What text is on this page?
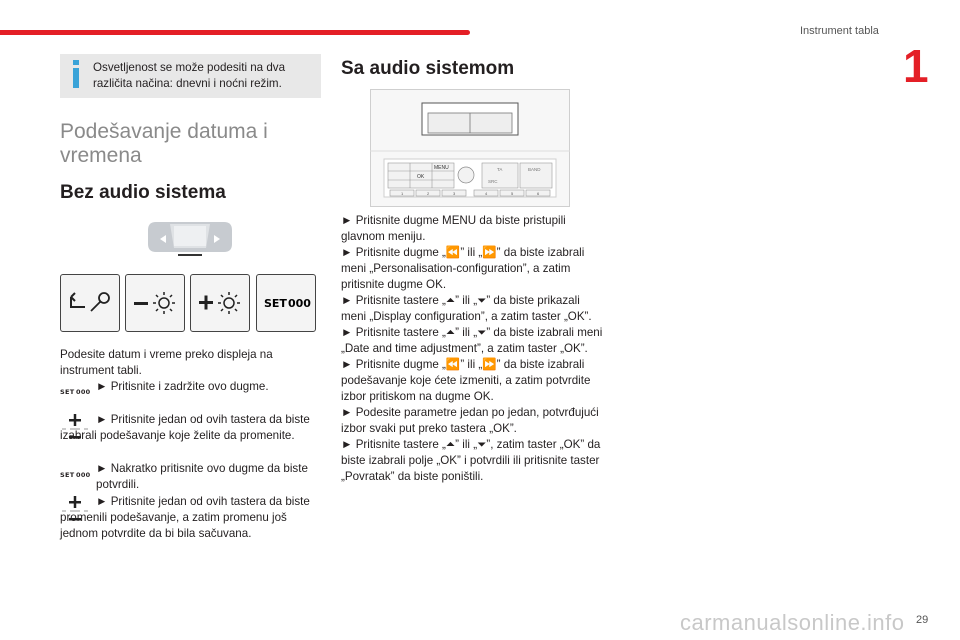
Instrument tabla
1
Osvetljenost se može podesiti na dva različita načina: dnevni i noćni režim.
Podešavanje datuma i vremena
Bez audio sistema
SET 000
Podesite datum i vreme preko displeja na instrument tabli.
SET 000 ► Pritisnite i zadržite ovo dugme.
► Pritisnite jedan od ovih tastera da biste izabrali podešavanje koje želite da promenite.
SET 000 ► Nakratko pritisnite ovo dugme da biste potvrdili.
► Pritisnite jedan od ovih tastera da biste promenili podešavanje, a zatim promenu još jednom potvrdite da bi bila sačuvana.
Sa audio sistemom
MENU
OK
TA	BAND
SRC
1	2	3	4	5	6
► Pritisnite dugme MENU da biste pristupili glavnom meniju.
► Pritisnite dugme „⏪” ili „⏩” da biste izabrali meni „Personalisation-configuration”, a zatim pritisnite dugme OK.
► Pritisnite tastere „⏶” ili „⏷” da biste prikazali meni „Display configuration”, a zatim taster „OK”.
► Pritisnite tastere „⏶” ili „⏷” da biste izabrali meni „Date and time adjustment”, a zatim taster „OK”.
► Pritisnite dugme „⏪” ili „⏩” da biste izabrali podešavanje koje ćete izmeniti, a zatim potvrdite izbor pritiskom na dugme OK.
► Podesite parametre jedan po jedan, potvrđujući izbor svaki put preko tastera „OK”.
► Pritisnite tastere „⏶” ili „⏷”, zatim taster „OK” da biste izabrali polje „OK” i potvrdili ili pritisnite taster „Povratak” da biste poništili.
carmanualsonline.info 29
